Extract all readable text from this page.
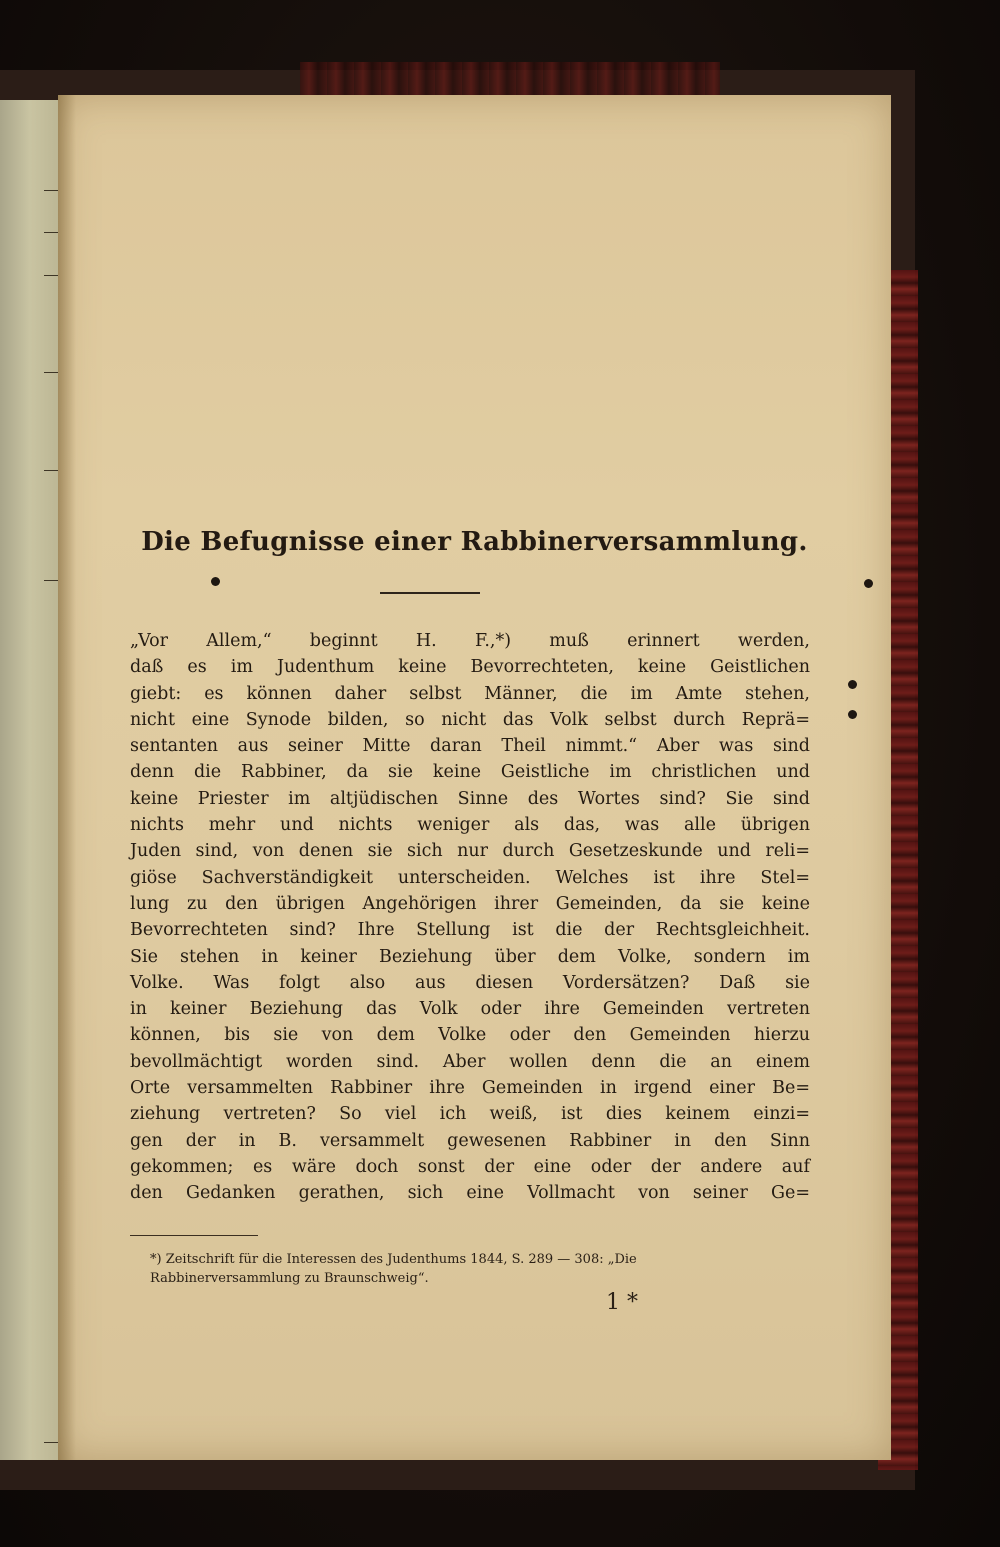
Die Befugnisse einer Rabbinerversammlung.
„Vor Allem,“ beginnt H. F.,*) muß erinnert werden,
daß es im Judenthum keine Bevorrechteten, keine Geistlichen
giebt: es können daher selbst Männer, die im Amte stehen,
nicht eine Synode bilden, so nicht das Volk selbst durch Reprä=
sentanten aus seiner Mitte daran Theil nimmt.“ Aber was sind
denn die Rabbiner, da sie keine Geistliche im christlichen und
keine Priester im altjüdischen Sinne des Wortes sind? Sie sind
nichts mehr und nichts weniger als das, was alle übrigen
Juden sind, von denen sie sich nur durch Gesetzeskunde und reli=
giöse Sachverständigkeit unterscheiden. Welches ist ihre Stel=
lung zu den übrigen Angehörigen ihrer Gemeinden, da sie keine
Bevorrechteten sind? Ihre Stellung ist die der Rechtsgleichheit.
Sie stehen in keiner Beziehung über dem Volke, sondern im
Volke. Was folgt also aus diesen Vordersätzen? Daß sie
in keiner Beziehung das Volk oder ihre Gemeinden vertreten
können, bis sie von dem Volke oder den Gemeinden hierzu
bevollmächtigt worden sind. Aber wollen denn die an einem
Orte versammelten Rabbiner ihre Gemeinden in irgend einer Be=
ziehung vertreten? So viel ich weiß, ist dies keinem einzi=
gen der in B. versammelt gewesenen Rabbiner in den Sinn
gekommen; es wäre doch sonst der eine oder der andere auf
den Gedanken gerathen, sich eine Vollmacht von seiner Ge=
*) Zeitschrift für die Interessen des Judenthums 1844, S. 289 — 308: „Die
Rabbinerversammlung zu Braunschweig“.
1 *
